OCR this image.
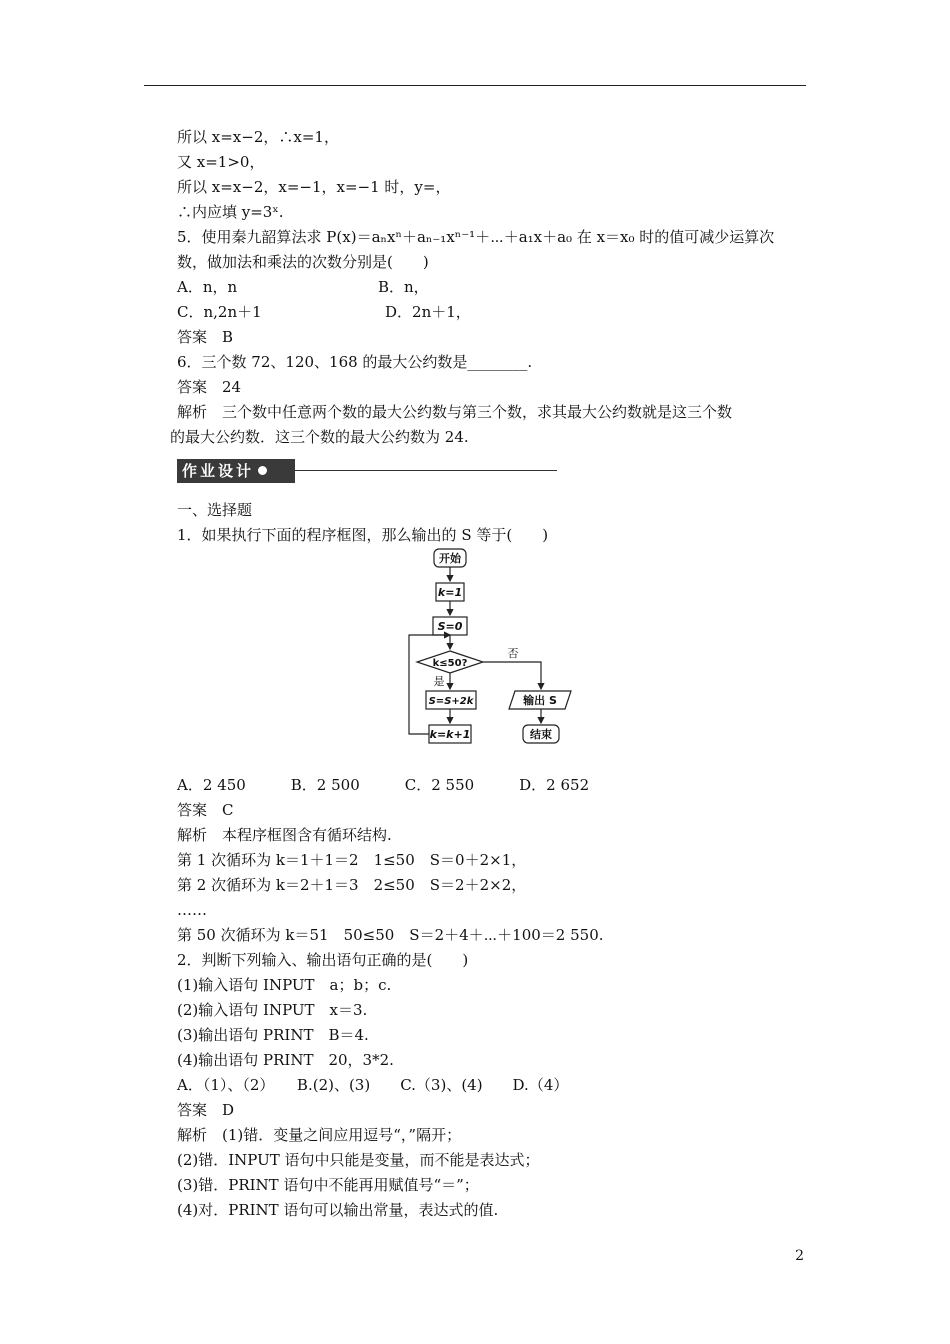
所以 x=x−2，∴x=1，
又 x=1>0，
所以 x=x−2，x=−1，x=−1 时，y=，
∴内应填 y=3ˣ.
5．使用秦九韶算法求 P(x)＝aₙxⁿ＋aₙ₋₁xⁿ⁻¹＋⋯＋a₁x＋a₀ 在 x＝x₀ 时的值可减少运算次
数，做加法和乘法的次数分别是(　　)
A．n，n	B．n，
C．n,2n＋1	D．2n＋1，
答案　B
6．三个数 72、120、168 的最大公约数是________.
答案　24
解析　三个数中任意两个数的最大公约数与第三个数，求其最大公约数就是这三个数
的最大公约数．这三个数的最大公约数为 24.
作业设计
一、选择题
1．如果执行下面的程序框图，那么输出的 S 等于(　　)
开始
k=1
S=0
k≤50?
S=S+2k
k=k+1
输出 S
结束
否
是
A．2 450　　　B．2 500　　　C．2 550　　　D．2 652
答案　C
解析　本程序框图含有循环结构.
第 1 次循环为 k＝1＋1＝2　1≤50　S＝0＋2×1，
第 2 次循环为 k＝2＋1＝3　2≤50　S＝2＋2×2，
……
第 50 次循环为 k＝51　50≤50　S＝2＋4＋⋯＋100＝2 550.
2．判断下列输入、输出语句正确的是(　　)
(1)输入语句 INPUT　a；b；c.
(2)输入语句 INPUT　x＝3.
(3)输出语句 PRINT　B＝4.
(4)输出语句 PRINT　20，3*2.
A．（1）、（2）　　B.(2)、(3)　　C.（3)、(4)　　D.（4）
答案　D
解析　(1)错．变量之间应用逗号“，”隔开；
(2)错．INPUT 语句中只能是变量，而不能是表达式；
(3)错．PRINT 语句中不能再用赋值号“＝”；
(4)对．PRINT 语句可以输出常量，表达式的值.
2
